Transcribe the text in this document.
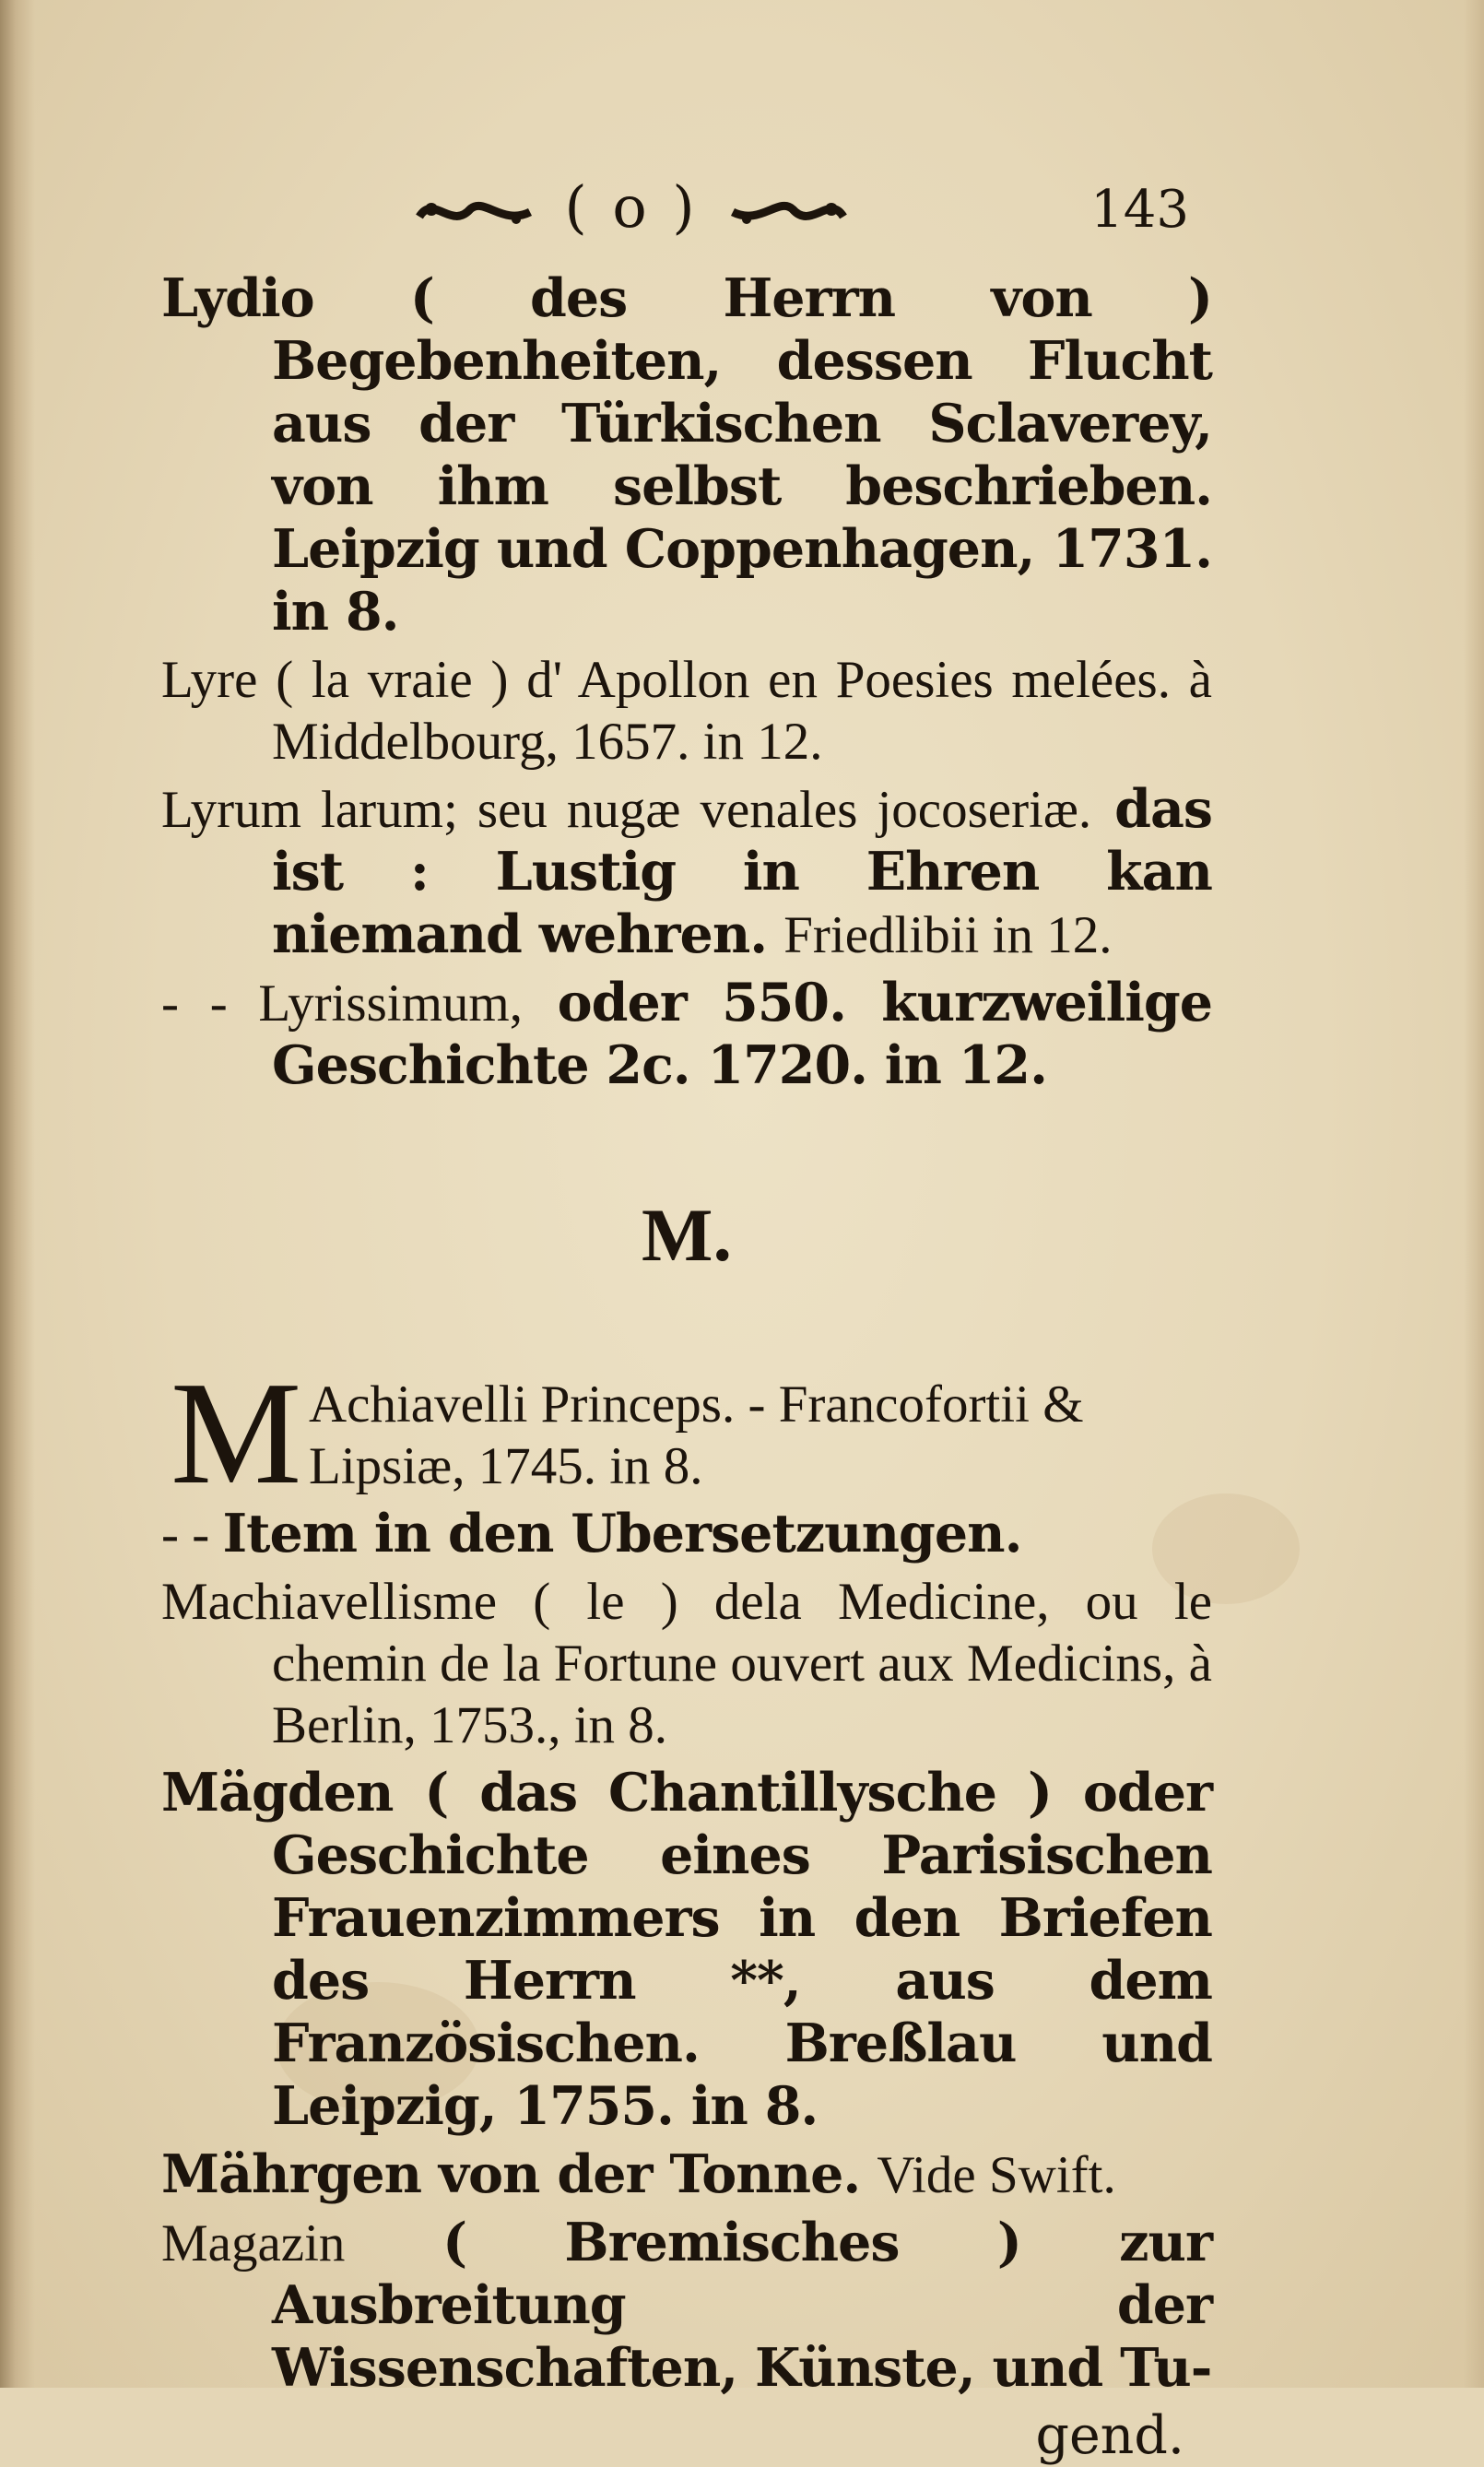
( o )	143

Lydio ( des Herrn von ) Begebenheiten, dessen Flucht aus der Türkischen Sclaverey, von ihm selbst beschrieben. Leipzig und Coppenhagen, 1731. in 8.

Lyre ( la vraie ) d' Apollon en Poesies melées. à Middelbourg, 1657. in 12.

Lyrum larum; seu nugæ venales jocoseriæ. das ist : Lustig in Ehren kan niemand wehren. Friedlibii in 12.

- - Lyrissimum, oder 550. kurzweilige Geschichte 2c. 1720. in 12.

M.
M Achiavelli Princeps. - Francofortii & Lipsiæ, 1745. in 8.

- - Item in den Ubersetzungen.

Machiavellisme ( le ) dela Medicine, ou le chemin de la Fortune ouvert aux Medicins, à Berlin, 1753., in 8.

Mägden ( das Chantillysche ) oder Geschichte eines Parisischen Frauenzimmers in den Briefen des Herrn **, aus dem Französischen. Breßlau und Leipzig, 1755. in 8.

Mährgen von der Tonne. Vide Swift.

Magazin ( Bremisches ) zur Ausbreitung der Wissenschaften, Künste, und Tu-

gend.
